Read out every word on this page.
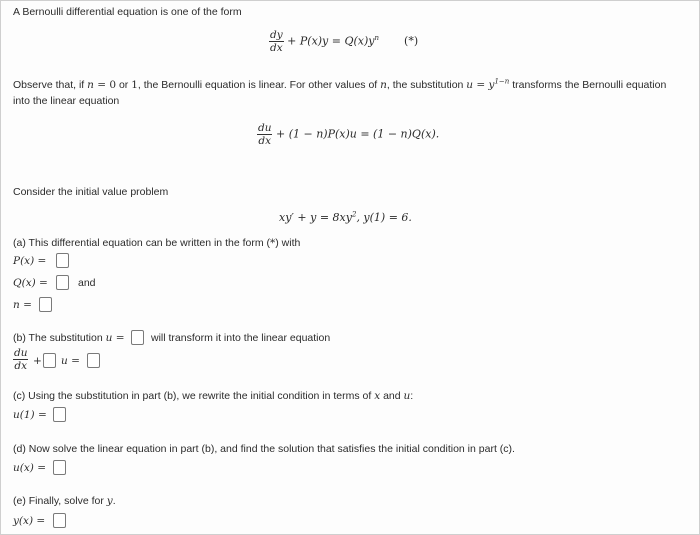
A Bernoulli differential equation is one of the form
$\frac{dy}{dx} + P(x)y = Q(x)y^n$ (*)
Observe that, if n = 0 or 1, the Bernoulli equation is linear. For other values of n, the substitution $u = y^{1-n}$ transforms the Bernoulli equation
into the linear equation
$\frac{du}{dx} + (1 - n)P(x)u = (1 - n)Q(x)$.
Consider the initial value problem
$xy' + y = 8xy^2$, y(1) = 6.
(a) This differential equation can be written in the form (*) with
P(x) =
Q(x) =	and
n =
(b) The substitution u =	will transform it into the linear equation
$\frac{du}{dx} + u$ =
(c) Using the substitution in part (b), we rewrite the initial condition in terms of x and u:
u(1) =
(d) Now solve the linear equation in part (b), and find the solution that satisfies the initial condition in part (c).
u(x) =
(e) Finally, solve for y.
y(x) =
